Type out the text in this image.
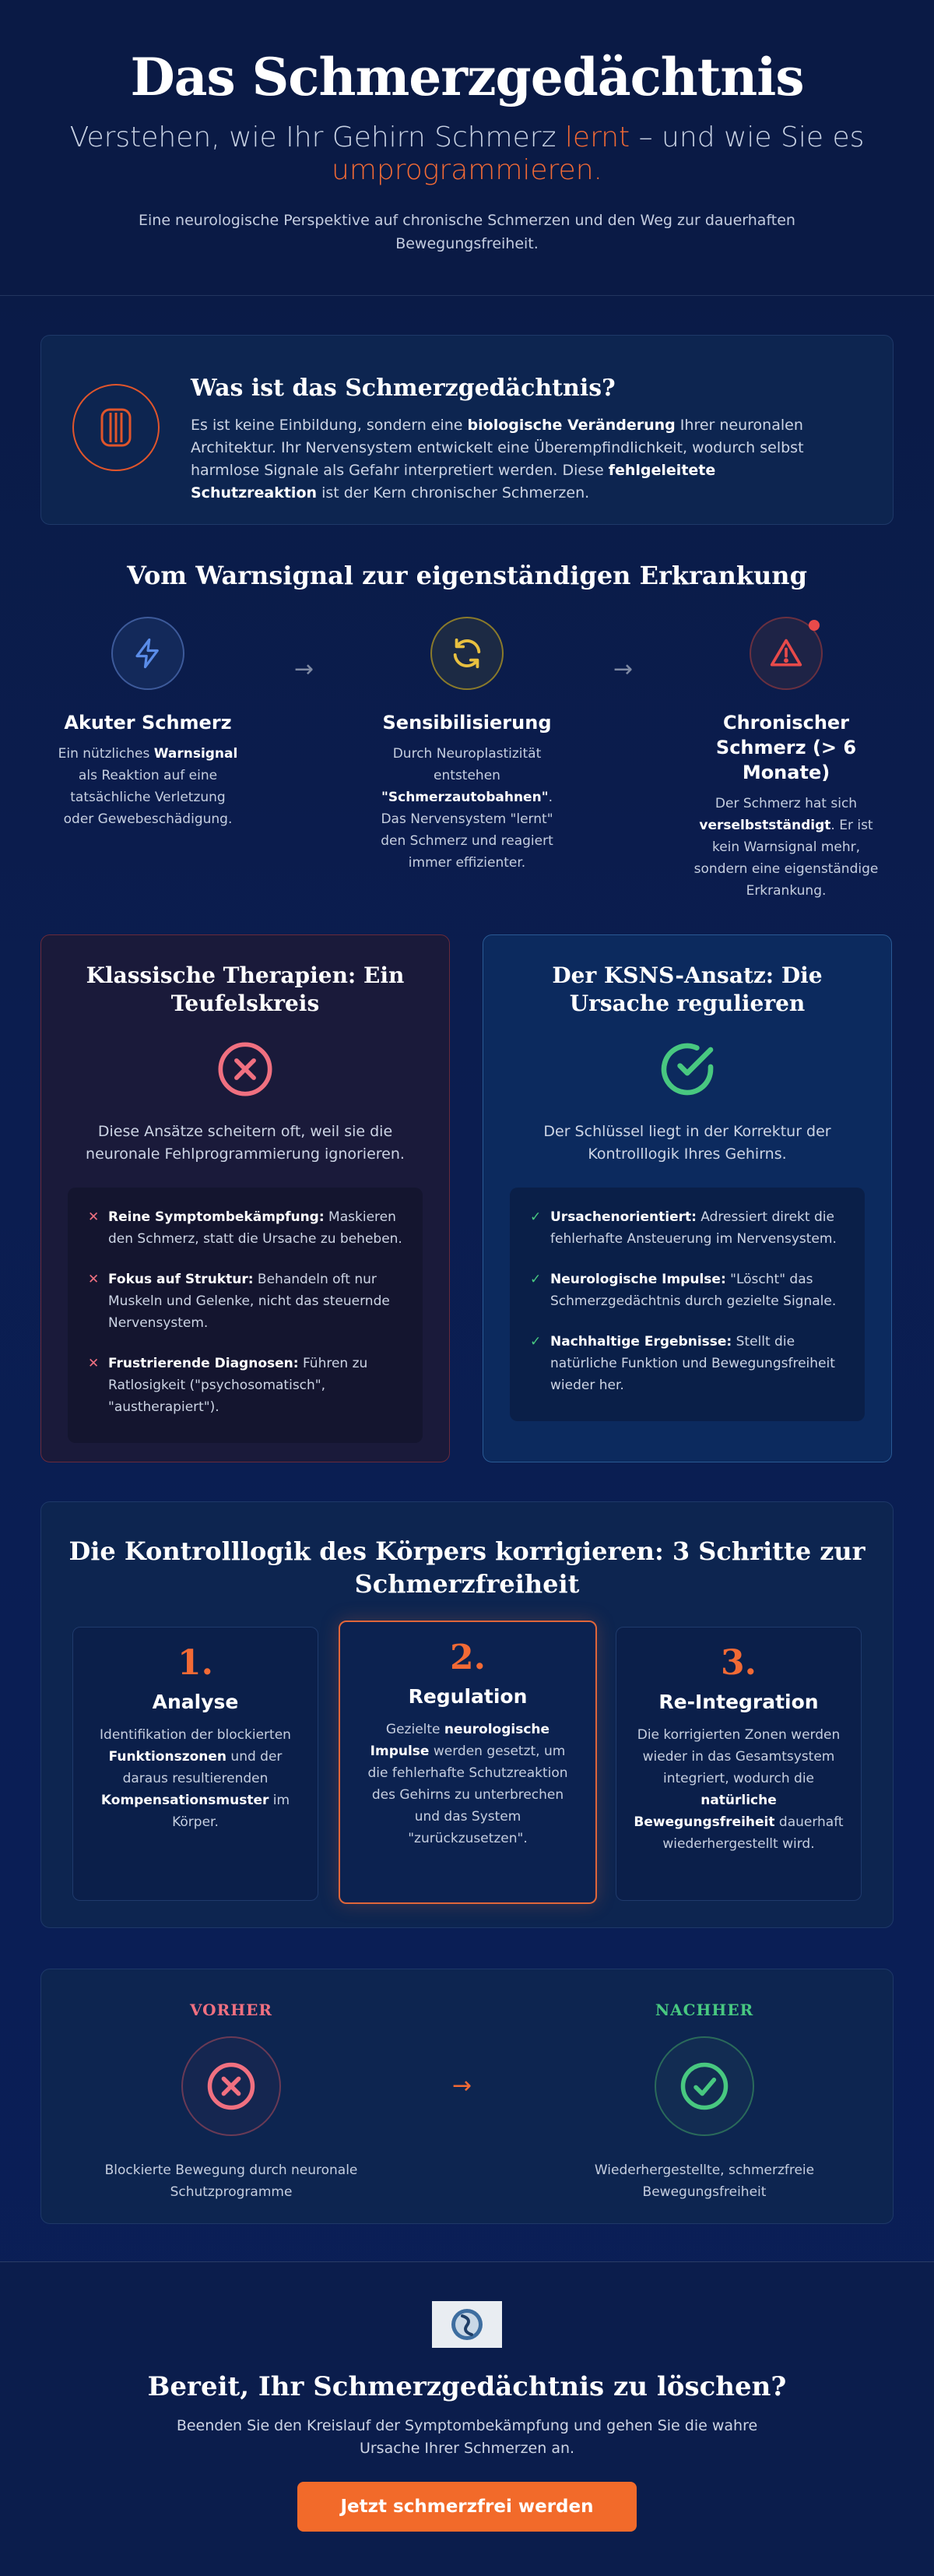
Das Schmerzgedächtnis
Verstehen, wie Ihr Gehirn Schmerz lernt – und wie Sie es umprogrammieren.

Eine neurologische Perspektive auf chronische Schmerzen und den Weg zur dauerhaften Bewegungsfreiheit.

Was ist das Schmerzgedächtnis?

Es ist keine Einbildung, sondern eine biologische Veränderung Ihrer neuronalen Architektur. Ihr Nervensystem entwickelt eine Überempfindlichkeit, wodurch selbst harmlose Signale als Gefahr interpretiert werden. Diese fehlgeleitete Schutzreaktion ist der Kern chronischer Schmerzen.

Vom Warnsignal zur eigenständigen Erkrankung
Akuter Schmerz

Ein nützliches Warnsignal als Reaktion auf eine tatsächliche Verletzung oder Gewebeschädigung.

→
Sensibilisierung

Durch Neuroplastizität entstehen "Schmerzautobahnen". Das Nervensystem "lernt" den Schmerz und reagiert immer effizienter.

→
Chronischer Schmerz (> 6 Monate)

Der Schmerz hat sich verselbstständigt. Er ist kein Warnsignal mehr, sondern eine eigenständige Erkrankung.

Klassische Therapien: Ein Teufelskreis

Diese Ansätze scheitern oft, weil sie die neuronale Fehlprogrammierung ignorieren.

✕ Reine Symptombekämpfung: Maskieren den Schmerz, statt die Ursache zu beheben.
✕ Fokus auf Struktur: Behandeln oft nur Muskeln und Gelenke, nicht das steuernde Nervensystem.
✕ Frustrierende Diagnosen: Führen zu Ratlosigkeit ("psychosomatisch", "austherapiert").
Der KSNS-Ansatz: Die Ursache regulieren

Der Schlüssel liegt in der Korrektur der Kontrolllogik Ihres Gehirns.

✓ Ursachenorientiert: Adressiert direkt die fehlerhafte Ansteuerung im Nervensystem.
✓ Neurologische Impulse: "Löscht" das Schmerzgedächtnis durch gezielte Signale.
✓ Nachhaltige Ergebnisse: Stellt die natürliche Funktion und Bewegungsfreiheit wieder her.
Die Kontrolllogik des Körpers korrigieren: 3 Schritte zur Schmerzfreiheit
1.
Analyse

Identifikation der blockierten Funktionszonen und der daraus resultierenden Kompensationsmuster im Körper.

2.
Regulation

Gezielte neurologische Impulse werden gesetzt, um die fehlerhafte Schutzreaktion des Gehirns zu unterbrechen und das System "zurückzusetzen".

3.
Re-Integration

Die korrigierten Zonen werden wieder in das Gesamtsystem integriert, wodurch die natürliche Bewegungsfreiheit dauerhaft wiederhergestellt wird.

VORHER

Blockierte Bewegung durch neuronale Schutzprogramme

→
NACHHER

Wiederhergestellte, schmerzfreie Bewegungsfreiheit

Bereit, Ihr Schmerzgedächtnis zu löschen?

Beenden Sie den Kreislauf der Symptombekämpfung und gehen Sie die wahre Ursache Ihrer Schmerzen an.

Jetzt schmerzfrei werden
